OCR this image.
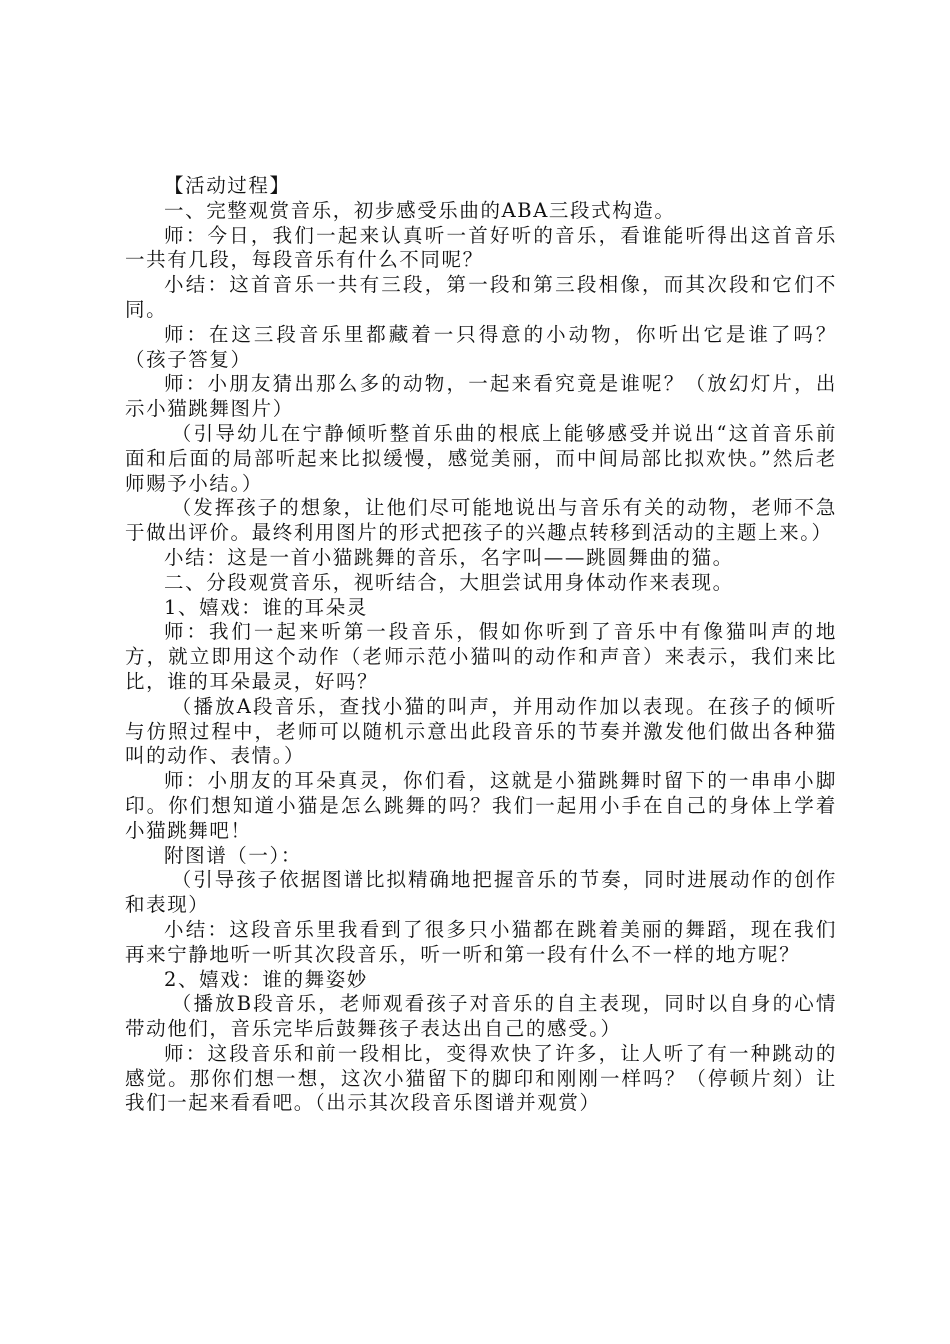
【活动过程】

一、完整观赏音乐，初步感受乐曲的ABA三段式构造。

师：今日，我们一起来认真听一首好听的音乐，看谁能听得出这首音乐一共有几段，每段音乐有什么不同呢？

小结：这首音乐一共有三段，第一段和第三段相像，而其次段和它们不同。

师：在这三段音乐里都藏着一只得意的小动物，你听出它是谁了吗？（孩子答复）

师：小朋友猜出那么多的动物，一起来看究竟是谁呢？（放幻灯片，出示小猫跳舞图片）

（引导幼儿在宁静倾听整首乐曲的根底上能够感受并说出“这首音乐前面和后面的局部听起来比拟缓慢，感觉美丽，而中间局部比拟欢快。”然后老师赐予小结。）

（发挥孩子的想象，让他们尽可能地说出与音乐有关的动物，老师不急于做出评价。最终利用图片的形式把孩子的兴趣点转移到活动的主题上来。）

小结：这是一首小猫跳舞的音乐，名字叫——跳圆舞曲的猫。

二、分段观赏音乐，视听结合，大胆尝试用身体动作来表现。

1、嬉戏：谁的耳朵灵

师：我们一起来听第一段音乐，假如你听到了音乐中有像猫叫声的地方，就立即用这个动作（老师示范小猫叫的动作和声音）来表示，我们来比比，谁的耳朵最灵，好吗？

（播放A段音乐，查找小猫的叫声，并用动作加以表现。在孩子的倾听与仿照过程中，老师可以随机示意出此段音乐的节奏并激发他们做出各种猫叫的动作、表情。）

师：小朋友的耳朵真灵，你们看，这就是小猫跳舞时留下的一串串小脚印。你们想知道小猫是怎么跳舞的吗？我们一起用小手在自己的身体上学着小猫跳舞吧！

附图谱（一）：

（引导孩子依据图谱比拟精确地把握音乐的节奏，同时进展动作的创作和表现）

小结：这段音乐里我看到了很多只小猫都在跳着美丽的舞蹈，现在我们再来宁静地听一听其次段音乐，听一听和第一段有什么不一样的地方呢？

2、嬉戏：谁的舞姿妙

（播放B段音乐，老师观看孩子对音乐的自主表现，同时以自身的心情带动他们，音乐完毕后鼓舞孩子表达出自己的感受。）

师：这段音乐和前一段相比，变得欢快了许多，让人听了有一种跳动的感觉。那你们想一想，这次小猫留下的脚印和刚刚一样吗？（停顿片刻）让我们一起来看看吧。（出示其次段音乐图谱并观赏）
